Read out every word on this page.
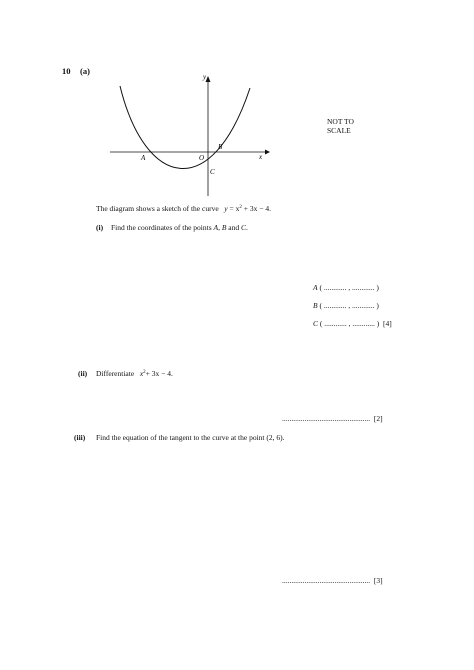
10 (a)
y
x
A
B
C
O
NOT TO
SCALE
The diagram shows a sketch of the curve $y = x^2 + 3x - 4$.
(i) Find the coordinates of the points A, B and C.
A ( ............ , ............ )
B ( ............ , ............ )
C ( ............ , ............ ) [4]
(ii) Differentiate $x^2+ 3x - 4$.
............................................... [2]
(iii) Find the equation of the tangent to the curve at the point (2, 6).
............................................... [3]
